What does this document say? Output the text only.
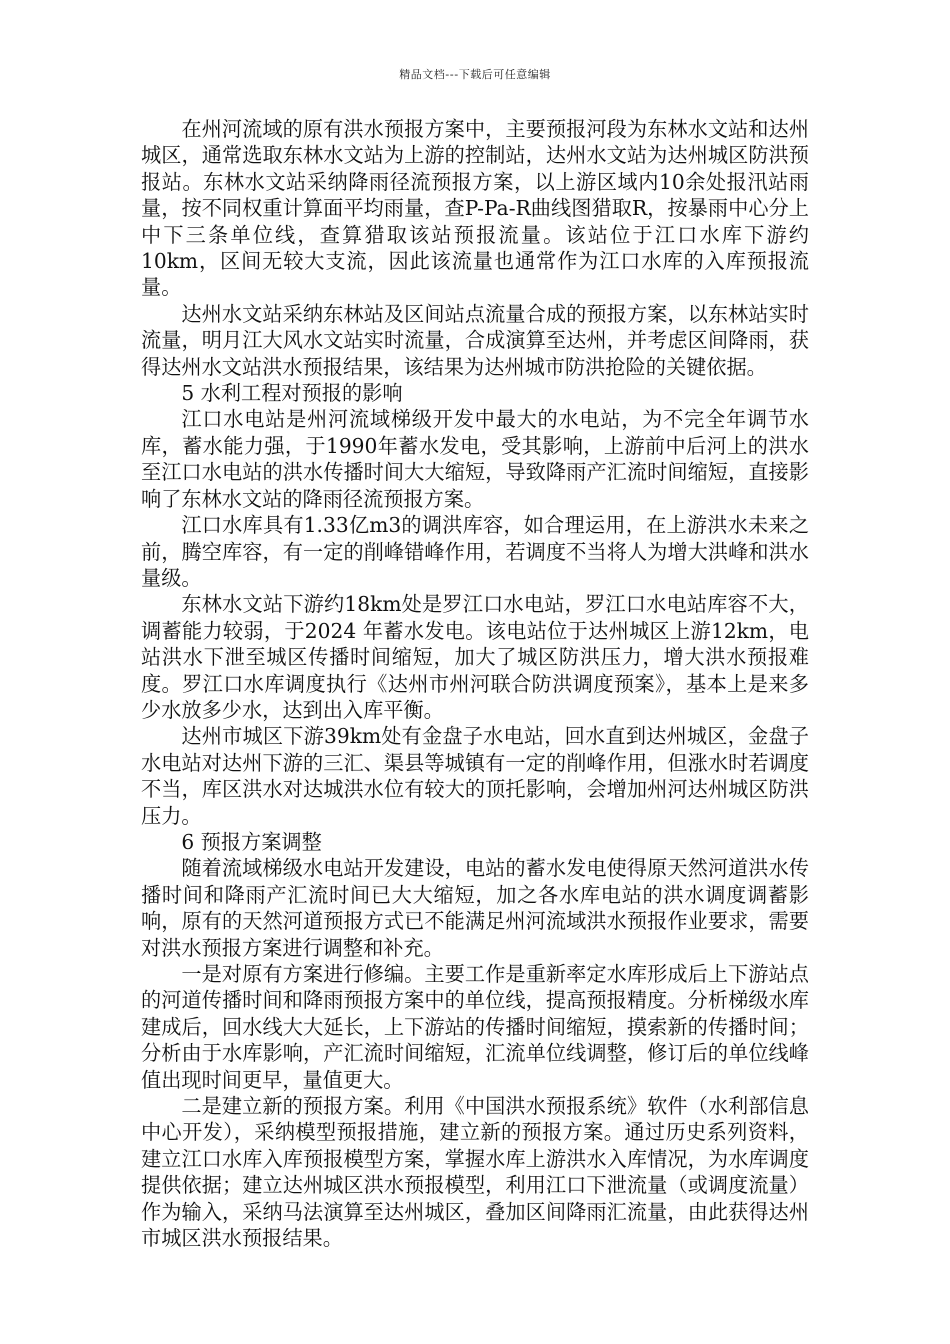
精品文档---下载后可任意编辑

在州河流域的原有洪水预报方案中，主要预报河段为东林水文站和达州城区，通常选取东林水文站为上游的控制站，达州水文站为达州城区防洪预报站。东林水文站采纳降雨径流预报方案，以上游区域内10余处报汛站雨量，按不同权重计算面平均雨量，查P-Pa-R曲线图猎取R，按暴雨中心分上中下三条单位线，查算猎取该站预报流量。该站位于江口水库下游约10km，区间无较大支流，因此该流量也通常作为江口水库的入库预报流量。

达州水文站采纳东林站及区间站点流量合成的预报方案，以东林站实时流量，明月江大风水文站实时流量，合成演算至达州，并考虑区间降雨，获得达州水文站洪水预报结果，该结果为达州城市防洪抢险的关键依据。

5 水利工程对预报的影响

江口水电站是州河流域梯级开发中最大的水电站，为不完全年调节水库，蓄水能力强，于1990年蓄水发电，受其影响，上游前中后河上的洪水至江口水电站的洪水传播时间大大缩短，导致降雨产汇流时间缩短，直接影响了东林水文站的降雨径流预报方案。

江口水库具有1.33亿m3的调洪库容，如合理运用，在上游洪水未来之前，腾空库容，有一定的削峰错峰作用，若调度不当将人为增大洪峰和洪水量级。

东林水文站下游约18km处是罗江口水电站，罗江口水电站库容不大，调蓄能力较弱，于2024 年蓄水发电。该电站位于达州城区上游12km，电站洪水下泄至城区传播时间缩短，加大了城区防洪压力，增大洪水预报难度。罗江口水库调度执行《达州市州河联合防洪调度预案》，基本上是来多少水放多少水，达到出入库平衡。

达州市城区下游39km处有金盘子水电站，回水直到达州城区，金盘子水电站对达州下游的三汇、渠县等城镇有一定的削峰作用，但涨水时若调度不当，库区洪水对达城洪水位有较大的顶托影响，会增加州河达州城区防洪压力。

6 预报方案调整

随着流域梯级水电站开发建设，电站的蓄水发电使得原天然河道洪水传播时间和降雨产汇流时间已大大缩短，加之各水库电站的洪水调度调蓄影响，原有的天然河道预报方式已不能满足州河流域洪水预报作业要求，需要对洪水预报方案进行调整和补充。

一是对原有方案进行修编。主要工作是重新率定水库形成后上下游站点的河道传播时间和降雨预报方案中的单位线，提高预报精度。分析梯级水库建成后，回水线大大延长，上下游站的传播时间缩短，摸索新的传播时间；分析由于水库影响，产汇流时间缩短，汇流单位线调整，修订后的单位线峰值出现时间更早，量值更大。

二是建立新的预报方案。利用《中国洪水预报系统》软件（水利部信息中心开发），采纳模型预报措施，建立新的预报方案。通过历史系列资料，建立江口水库入库预报模型方案，掌握水库上游洪水入库情况，为水库调度提供依据；建立达州城区洪水预报模型，利用江口下泄流量（或调度流量）作为输入，采纳马法演算至达州城区，叠加区间降雨汇流量，由此获得达州市城区洪水预报结果。
